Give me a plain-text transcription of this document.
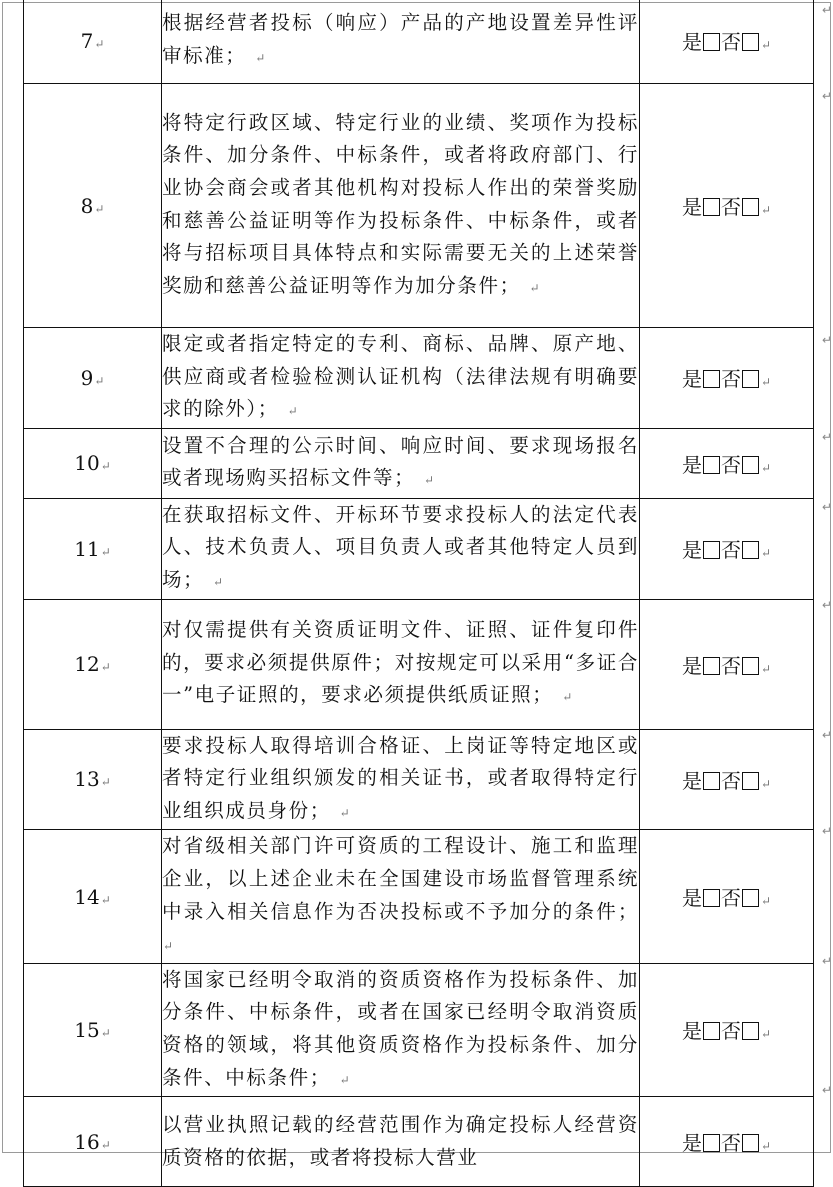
7↵	根据经营者投标（响应）产品的产地设置差异性评审标准； ↵	是 否 ↵
8↵	将特定行政区域、特定行业的业绩、奖项作为投标条件、加分条件、中标条件，或者将政府部门、行业协会商会或者其他机构对投标人作出的荣誉奖励和慈善公益证明等作为投标条件、中标条件，或者将与招标项目具体特点和实际需要无关的上述荣誉奖励和慈善公益证明等作为加分条件； ↵	是 否 ↵
9↵	限定或者指定特定的专利、商标、品牌、原产地、供应商或者检验检测认证机构（法律法规有明确要求的除外）； ↵	是 否 ↵
10↵	设置不合理的公示时间、响应时间、要求现场报名或者现场购买招标文件等； ↵	是 否 ↵
11↵	在获取招标文件、开标环节要求投标人的法定代表人、技术负责人、项目负责人或者其他特定人员到场； ↵	是 否 ↵
12↵	对仅需提供有关资质证明文件、证照、证件复印件的，要求必须提供原件；对按规定可以采用“多证合一”电子证照的，要求必须提供纸质证照； ↵	是 否 ↵
13↵	要求投标人取得培训合格证、上岗证等特定地区或者特定行业组织颁发的相关证书，或者取得特定行业组织成员身份； ↵	是 否 ↵
14↵	对省级相关部门许可资质的工程设计、施工和监理企业，以上述企业未在全国建设市场监督管理系统中录入相关信息作为否决投标或不予加分的条件； ↵	是 否 ↵
15↵	将国家已经明令取消的资质资格作为投标条件、加分条件、中标条件，或者在国家已经明令取消资质资格的领域，将其他资质资格作为投标条件、加分条件、中标条件； ↵	是 否 ↵
16↵	以营业执照记载的经营范围作为确定投标人经营资质资格的依据，或者将投标人营业	是 否 ↵
↵
↵
↵
↵
↵
↵
↵
↵
↵
↵
